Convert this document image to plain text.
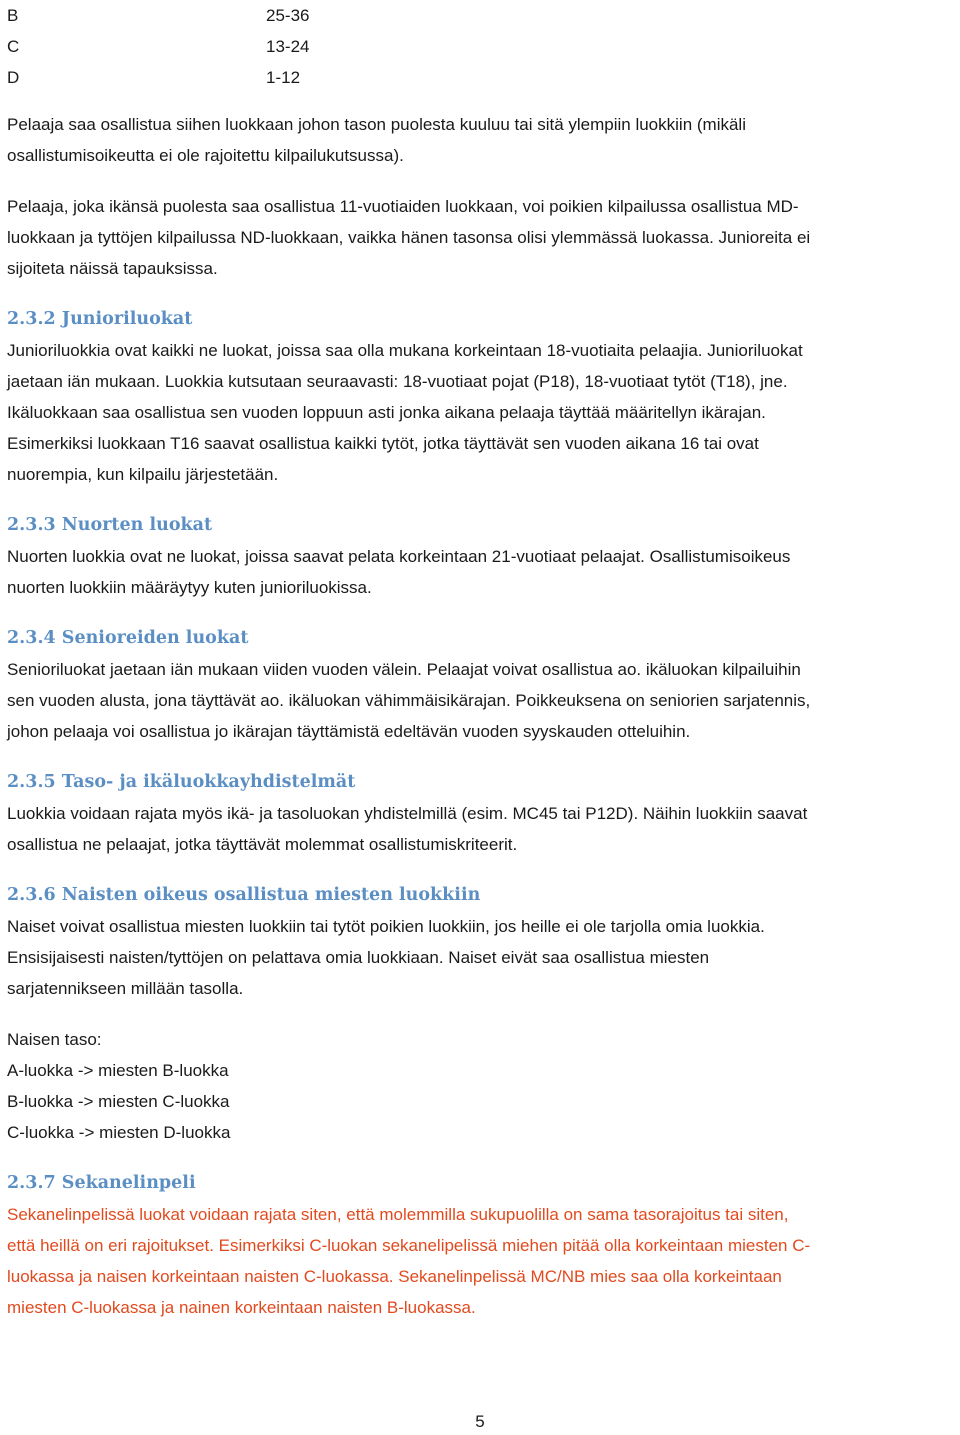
B	25-36
C	13-24
D	1-12

Pelaaja saa osallistua siihen luokkaan johon tason puolesta kuuluu tai sitä ylempiin luokkiin (mikäli
osallistumisoikeutta ei ole rajoitettu kilpailukutsussa).

Pelaaja, joka ikänsä puolesta saa osallistua 11-vuotiaiden luokkaan, voi poikien kilpailussa osallistua MD-
luokkaan ja tyttöjen kilpailussa ND-luokkaan, vaikka hänen tasonsa olisi ylemmässä luokassa. Junioreita ei
sijoiteta näissä tapauksissa.

2.3.2 Junioriluokat

Junioriluokkia ovat kaikki ne luokat, joissa saa olla mukana korkeintaan 18-vuotiaita pelaajia. Junioriluokat
jaetaan iän mukaan. Luokkia kutsutaan seuraavasti: 18-vuotiaat pojat (P18), 18-vuotiaat tytöt (T18), jne.
Ikäluokkaan saa osallistua sen vuoden loppuun asti jonka aikana pelaaja täyttää määritellyn ikärajan.
Esimerkiksi luokkaan T16 saavat osallistua kaikki tytöt, jotka täyttävät sen vuoden aikana 16 tai ovat
nuorempia, kun kilpailu järjestetään.

2.3.3 Nuorten luokat

Nuorten luokkia ovat ne luokat, joissa saavat pelata korkeintaan 21-vuotiaat pelaajat. Osallistumisoikeus
nuorten luokkiin määräytyy kuten junioriluokissa.

2.3.4 Senioreiden luokat

Senioriluokat jaetaan iän mukaan viiden vuoden välein. Pelaajat voivat osallistua ao. ikäluokan kilpailuihin
sen vuoden alusta, jona täyttävät ao. ikäluokan vähimmäisikärajan. Poikkeuksena on seniorien sarjatennis,
johon pelaaja voi osallistua jo ikärajan täyttämistä edeltävän vuoden syyskauden otteluihin.

2.3.5 Taso- ja ikäluokkayhdistelmät

Luokkia voidaan rajata myös ikä- ja tasoluokan yhdistelmillä (esim. MC45 tai P12D). Näihin luokkiin saavat
osallistua ne pelaajat, jotka täyttävät molemmat osallistumiskriteerit.

2.3.6 Naisten oikeus osallistua miesten luokkiin

Naiset voivat osallistua miesten luokkiin tai tytöt poikien luokkiin, jos heille ei ole tarjolla omia luokkia.
Ensisijaisesti naisten/tyttöjen on pelattava omia luokkiaan. Naiset eivät saa osallistua miesten
sarjatennikseen millään tasolla.

Naisen taso:
A-luokka -> miesten B-luokka
B-luokka -> miesten C-luokka
C-luokka -> miesten D-luokka

2.3.7 Sekanelinpeli

Sekanelinpelissä luokat voidaan rajata siten, että molemmilla sukupuolilla on sama tasorajoitus tai siten,
että heillä on eri rajoitukset. Esimerkiksi C-luokan sekanelipelissä miehen pitää olla korkeintaan miesten C-
luokassa ja naisen korkeintaan naisten C-luokassa. Sekanelinpelissä MC/NB mies saa olla korkeintaan
miesten C-luokassa ja nainen korkeintaan naisten B-luokassa.

5
